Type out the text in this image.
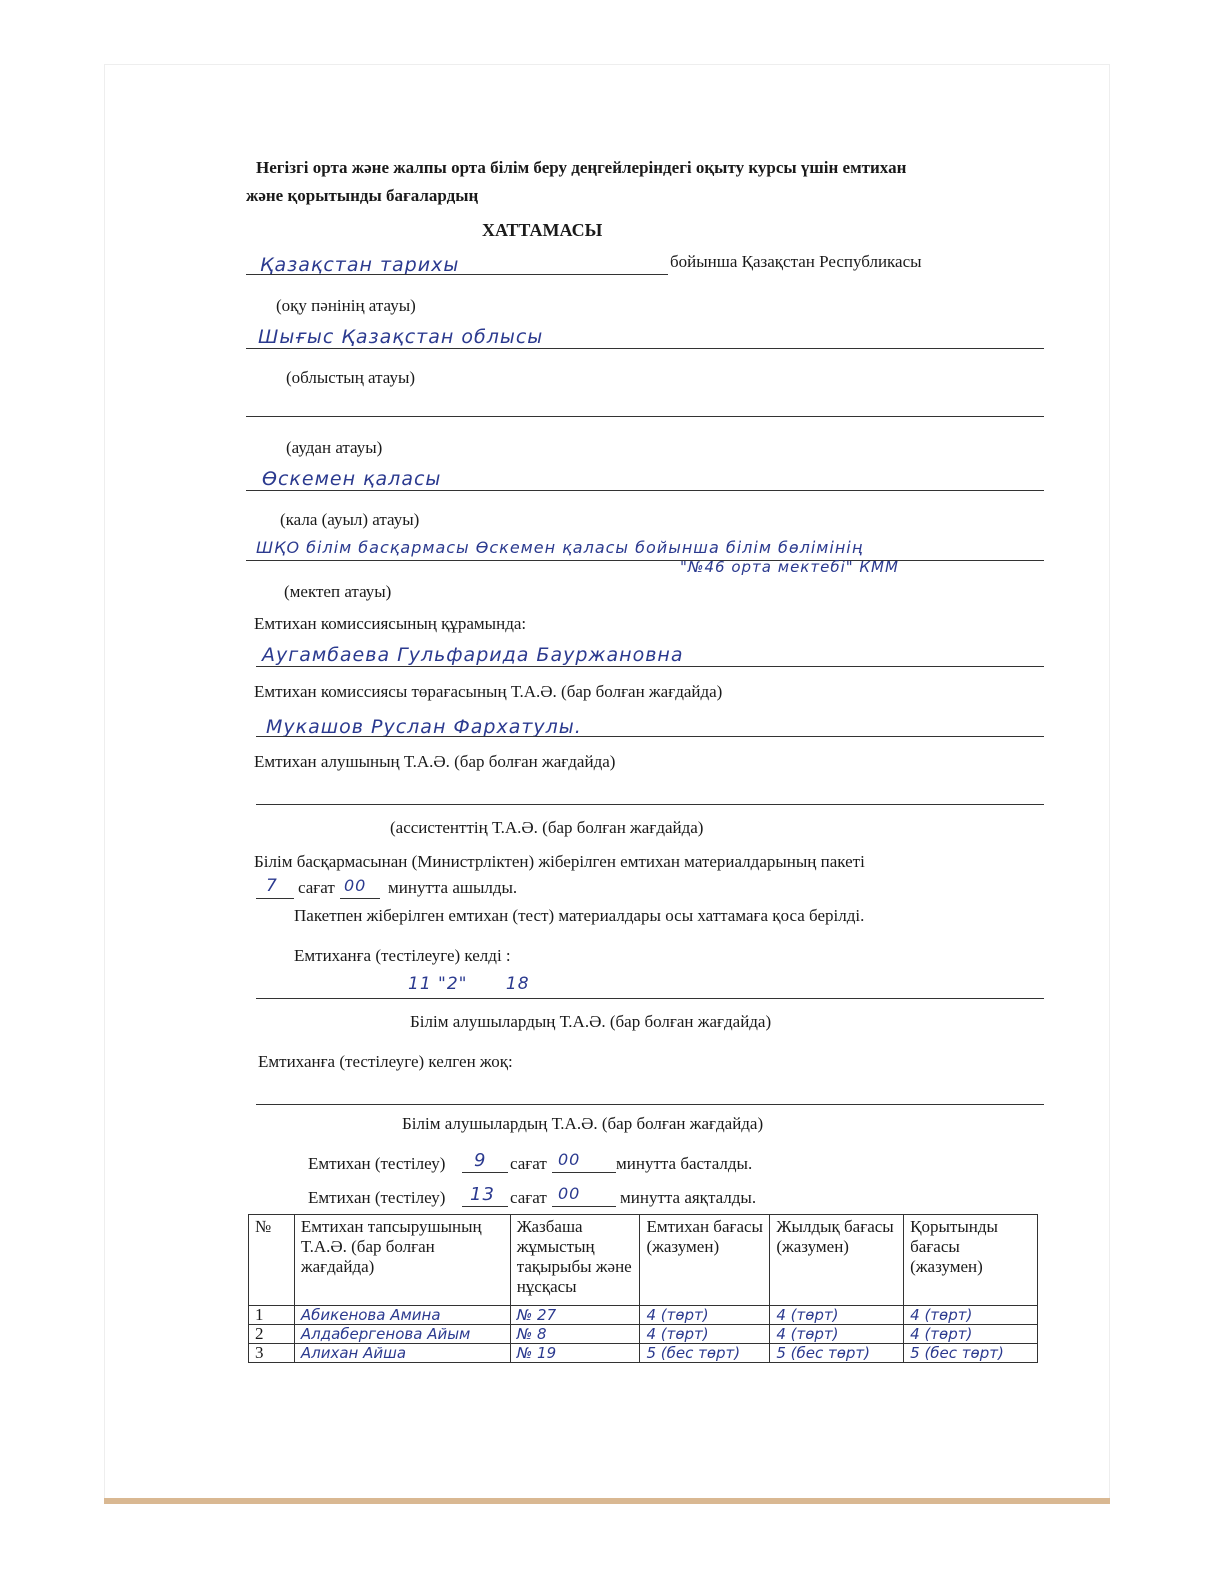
Негізгі орта және жалпы орта білім беру деңгейлеріндегі оқыту курсы үшін емтихан
және қорытынды бағалардың
ХАТТАМАСЫ
Қазақстан тарихы	бойынша Қазақстан Республикасы
(оқу пәнінің атауы)
Шығыс Қазақстан облысы
(облыстың атауы)
(аудан атауы)
Өскемен қаласы
(кала (ауыл) атауы)
ШҚО білім басқармасы Өскемен қаласы бойынша білім бөлімінің
"№46 орта мектебі" КММ
(мектеп атауы)
Емтихан комиссиясының құрамында:
Аугамбаева Гульфарида Бауржановна
Емтихан комиссиясы төрағасының Т.А.Ә. (бар болған жағдайда)
Мукашов Руслан Фархатулы.
Емтихан алушының Т.А.Ә. (бар болған жағдайда)
(ассистенттің Т.А.Ә. (бар болған жағдайда)
Білім басқармасынан (Министрліктен) жіберілген емтихан материалдарының пакеті
7 сағат 00 минутта ашылды.
Пакетпен жіберілген емтихан (тест) материалдары осы хаттамаға қоса берілді.
Емтиханға (тестілеуге) келді :
11 "2"      18
Білім алушылардың Т.А.Ә. (бар болған жағдайда)
Емтиханға (тестілеуге) келген жоқ:
Білім алушылардың Т.А.Ә. (бар болған жағдайда)
Емтихан (тестілеу) 9 сағат 00 минутта басталды.
Емтихан (тестілеу) 13 сағат 00 минутта аяқталды.
№	Емтихан тапсырушының Т.А.Ә. (бар болған жағдайда)	Жазбаша жұмыстың тақырыбы және нұсқасы	Емтихан бағасы (жазумен)	Жылдық бағасы (жазумен)	Қорытынды бағасы (жазумен)
1	Абикенова Амина	№ 27	4 (төрт)	4 (төрт)	4 (төрт)
2	Алдабергенова Айым	№ 8	4 (төрт)	4 (төрт)	4 (төрт)
3	Алихан Айша	№ 19	5 (бес төрт)	5 (бес төрт)	5 (бес төрт)
